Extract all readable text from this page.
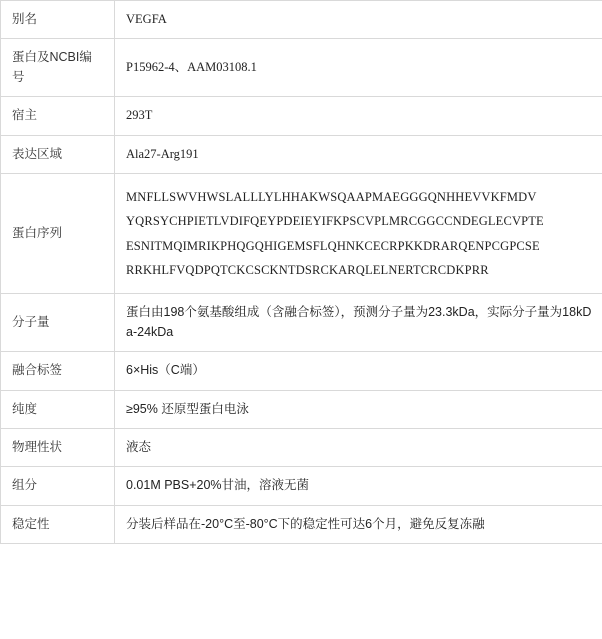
别名	VEGFA
蛋白及NCBI编号	P15962-4、AAM03108.1
宿主	293T
表达区域	Ala27-Arg191
蛋白序列	MNFLLSWVHWSLALLLYLHHAKWSQAAPMAEGGGQNHHEVVKFMDV
YQRSYCHPIETLVDIFQEYPDEIEYIFKPSCVPLMRCGGCCNDEGLECVPTE
ESNITMQIMRIKPHQGQHIGEMSFLQHNKCECRPKKDRARQENPCGPCSE
RRKHLFVQDPQTCKCSCKNTDSRCKARQLELNERTCRCDKPRR

分子量	蛋白由198个氨基酸组成（含融合标签），预测分子量为23.3kDa，实际分子量为18kDa-24kDa
融合标签	6×His（C端）
纯度	≥95% 还原型蛋白电泳
物理性状	液态
组分	0.01M PBS+20%甘油，溶液无菌
稳定性	分装后样品在-20°C至-80°C下的稳定性可达6个月，避免反复冻融
